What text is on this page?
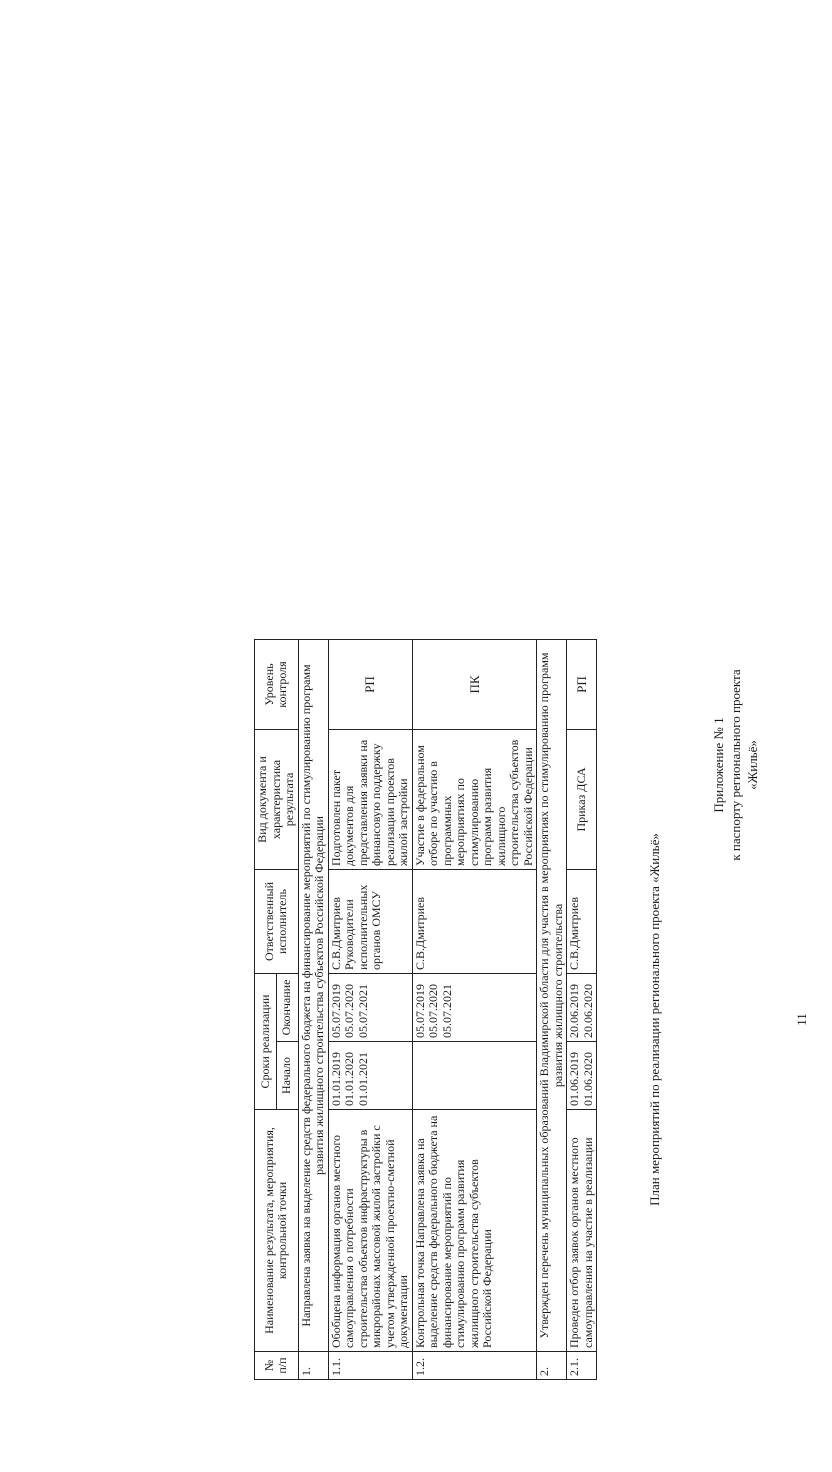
11
Приложение № 1 к паспорту регионального проекта «Жильё»
План мероприятий по реализации регионального проекта «Жильё»
№ п/п	Наименование результата, мероприятия, контрольной точки	Сроки реализации		Ответственный исполнитель	Вид документа и характеристика результата	Уровень контроля
		Начало	Окончание			
1.	Направлена заявка на выделение средств федерального бюджета на финансирование мероприятий по стимулированию программ развития жилищного строительства субъектов Российской Федерации					
1.1.	Обобщена информация органов местного самоуправления о потребности строительства объектов инфраструктуры в микрорайонах массовой жилой застройки с учетом утвержденной проектно-сметной документации	01.01.2019 01.01.2020 01.01.2021	05.07.2019 05.07.2020 05.07.2021	С.В.Дмитриев Руководители исполнительных органов ОМСУ	Подготовлен пакет документов для представления заявки на финансовую поддержку реализации проектов жилой застройки	РП
1.2.	Контрольная точка Направлена заявка на выделение средств федерального бюджета на финансирование мероприятий по стимулированию программ развития жилищного строительства субъектов Российской Федерации		05.07.2019 05.07.2020 05.07.2021	С.В.Дмитриев	Участие в федеральном отборе по участию в программных мероприятиях по стимулированию программ развития жилищного строительства субъектов Российской Федерации	ПК
2.	Утвержден перечень муниципальных образований Владимирской области для участия в мероприятиях по стимулированию программ развития жилищного строительства					
2.1.	Проведен отбор заявок органов местного самоуправления на участие в реализации	01.06.2019 01.06.2020	20.06.2019 20.06.2020	С.В.Дмитриев	Приказ ДСА	РП
